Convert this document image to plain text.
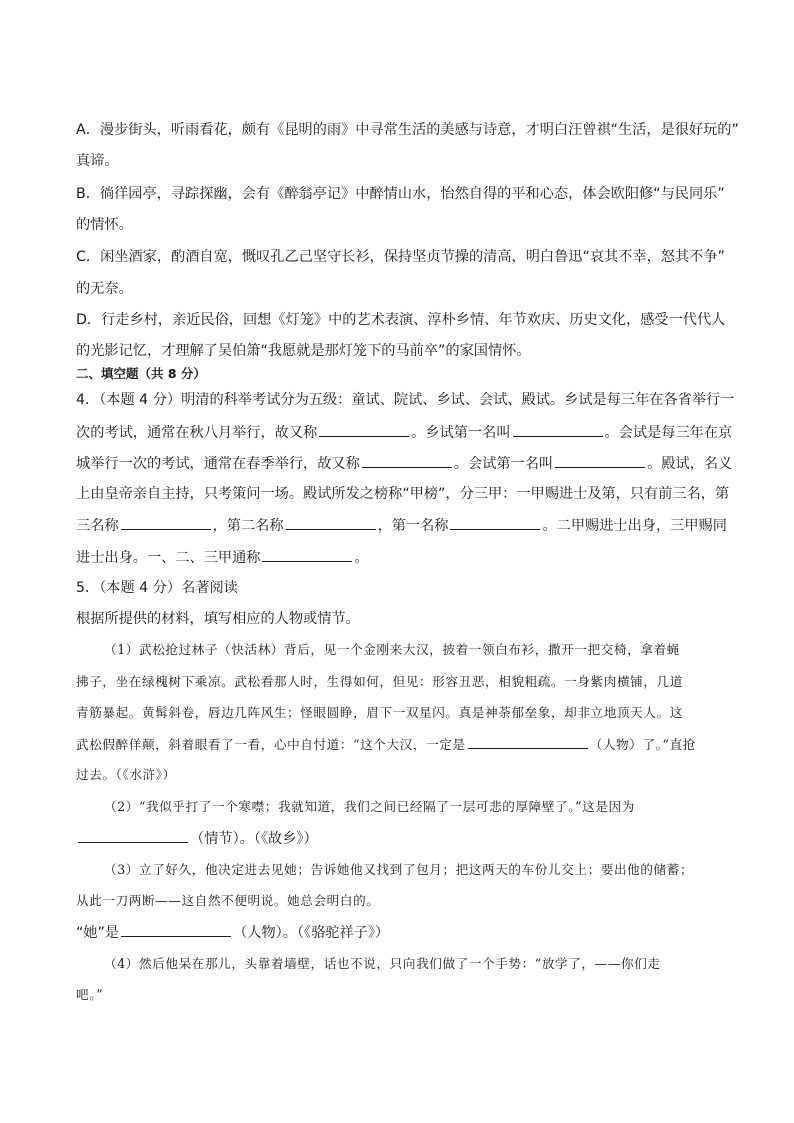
A．漫步街头，听雨看花，颇有《昆明的雨》中寻常生活的美感与诗意，才明白汪曾祺“生活，是很好玩的”
真谛。
B．徜徉园亭，寻踪探幽，会有《醉翁亭记》中醉情山水，怡然自得的平和心态，体会欧阳修“与民同乐”
的情怀。
C．闲坐酒家，酌酒自宽，慨叹孔乙己坚守长衫，保持坚贞节操的清高，明白鲁迅“哀其不幸，怒其不争”
的无奈。
D．行走乡村，亲近民俗，回想《灯笼》中的艺术表演、淳朴乡情、年节欢庆、历史文化，感受一代代人
的光影记忆，才理解了吴伯箫“我愿就是那灯笼下的马前卒”的家国情怀。
二、填空题（共 8 分）
4．（本题 4 分）明清的科举考试分为五级：童试、院试、乡试、会试、殿试。乡试是每三年在各省举行一
次的考试，通常在秋八月举行，故又称	。乡试第一名叫	。会试是每三年在京
城举行一次的考试，通常在春季举行，故又称	。会试第一名叫	。殿试，名义
上由皇帝亲自主持，只考策问一场。殿试所发之榜称“甲榜”，分三甲：一甲赐进士及第，只有前三名，第
三名称	，第二名称	，第一名称	。二甲赐进士出身，三甲赐同
进士出身。一、二、三甲通称	。
5．（本题 4 分）名著阅读
根据所提供的材料，填写相应的人物或情节。
（1）武松抢过林子（快活林）背后，见一个金刚来大汉，披着一领白布衫，撒开一把交椅，拿着蝇
拂子，坐在绿槐树下乘凉。武松看那人时，生得如何，但见：形容丑恶，相貌粗疏。一身紫肉横铺，几道
青筋暴起。黄髯斜卷，唇边几阵风生；怪眼圆睁，眉下一双星闪。真是神荼郁垒象，却非立地顶天人。这
武松假醉佯颠，斜着眼看了一看，心中自忖道：“这个大汉，一定是	（人物）了。”直抢
过去。（《水浒》）
（2）“我似乎打了一个寒噤；我就知道，我们之间已经隔了一层可悲的厚障壁了。”这是因为
（情节）。（《故乡》）
（3）立了好久，他决定进去见她；告诉她他又找到了包月；把这两天的车份儿交上；要出他的储蓄；
从此一刀两断——这自然不便明说。她总会明白的。
“她”是	（人物）。（《骆驼祥子》）
（4）然后他呆在那儿，头靠着墙壁，话也不说，只向我们做了一个手势：“放学了，——你们走
吧。”
